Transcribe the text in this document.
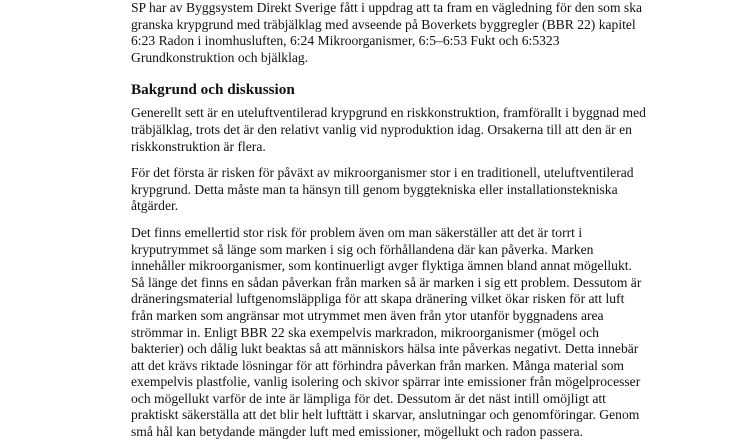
SP har av Byggsystem Direkt Sverige fått i uppdrag att ta fram en vägledning för den som ska
granska krypgrund med träbjälklag med avseende på Boverkets byggregler (BBR 22) kapitel
6:23 Radon i inomhusluften, 6:24 Mikroorganismer, 6:5–6:53 Fukt och 6:5323
Grundkonstruktion och bjälklag.

Bakgrund och diskussion

Generellt sett är en uteluftventilerad krypgrund en riskkonstruktion, framförallt i byggnad med
träbjälklag, trots det är den relativt vanlig vid nyproduktion idag. Orsakerna till att den är en
riskkonstruktion är flera.

För det första är risken för påväxt av mikroorganismer stor i en traditionell, uteluftventilerad
krypgrund. Detta måste man ta hänsyn till genom byggtekniska eller installationstekniska
åtgärder.

Det finns emellertid stor risk för problem även om man säkerställer att det är torrt i
kryputrymmet så länge som marken i sig och förhållandena där kan påverka. Marken
innehåller mikroorganismer, som kontinuerligt avger flyktiga ämnen bland annat mögellukt.
Så länge det finns en sådan påverkan från marken så är marken i sig ett problem. Dessutom är
dräneringsmaterial luftgenomsläppliga för att skapa dränering vilket ökar risken för att luft
från marken som angränsar mot utrymmet men även från ytor utanför byggnadens area
strömmar in. Enligt BBR 22 ska exempelvis markradon, mikroorganismer (mögel och
bakterier) och dålig lukt beaktas så att människors hälsa inte påverkas negativt. Detta innebär
att det krävs riktade lösningar för att förhindra påverkan från marken. Många material som
exempelvis plastfolie, vanlig isolering och skivor spärrar inte emissioner från mögelprocesser
och mögellukt varför de inte är lämpliga för det. Dessutom är det näst intill omöjligt att
praktiskt säkerställa att det blir helt lufttätt i skarvar, anslutningar och genomföringar. Genom
små hål kan betydande mängder luft med emissioner, mögellukt och radon passera.
